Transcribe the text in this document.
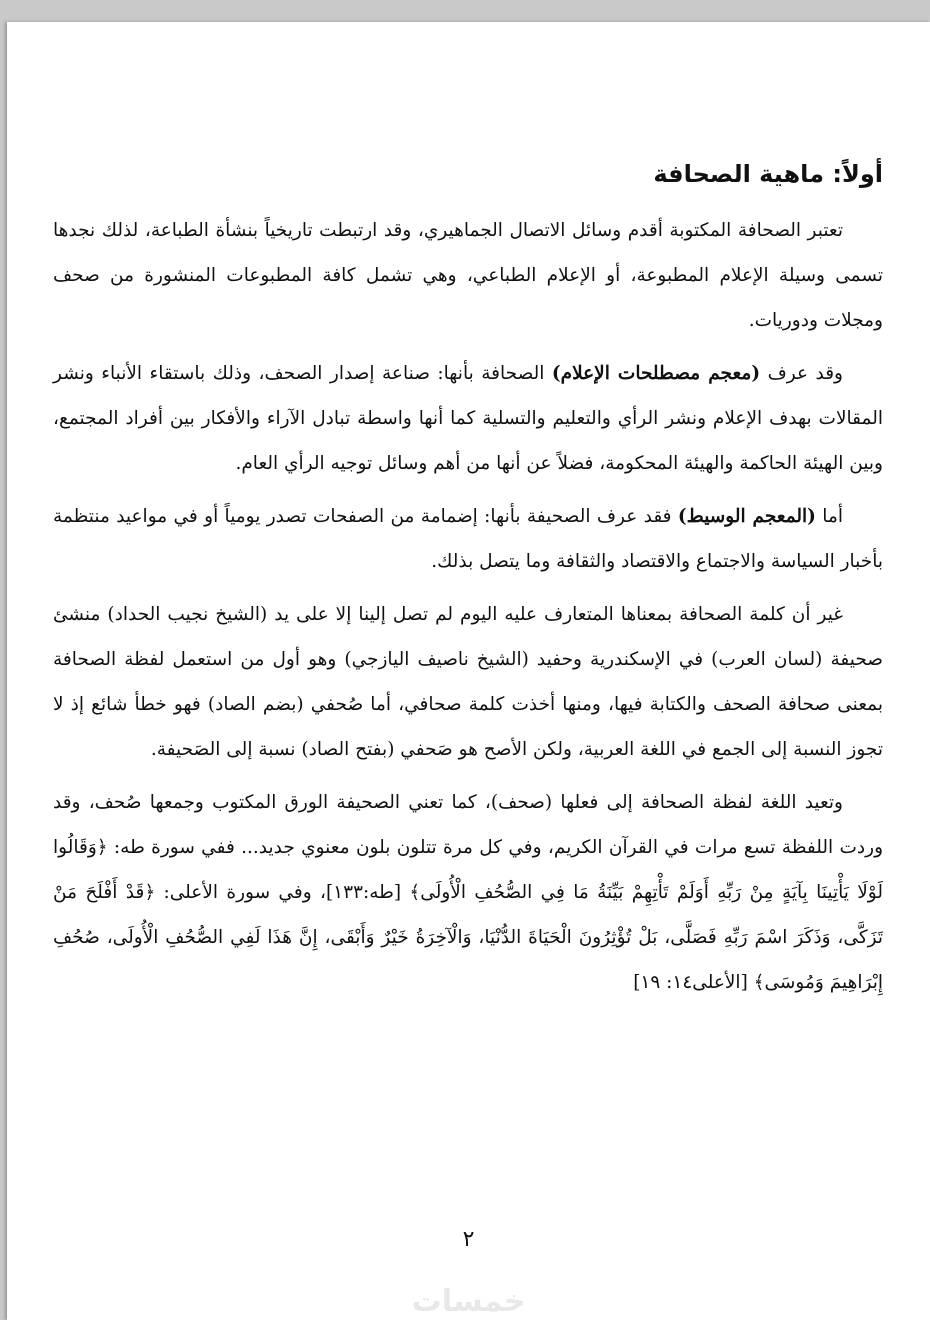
أولاً: ماهية الصحافة

تعتبر الصحافة المكتوبة أقدم وسائل الاتصال الجماهيري، وقد ارتبطت تاريخياً بنشأة الطباعة، لذلك نجدها تسمى وسيلة الإعلام المطبوعة، أو الإعلام الطباعي، وهي تشمل كافة المطبوعات المنشورة من صحف ومجلات ودوريات.

وقد عرف (معجم مصطلحات الإعلام) الصحافة بأنها: صناعة إصدار الصحف، وذلك باستقاء الأنباء ونشر المقالات بهدف الإعلام ونشر الرأي والتعليم والتسلية كما أنها واسطة تبادل الآراء والأفكار بين أفراد المجتمع، وبين الهيئة الحاكمة والهيئة المحكومة، فضلاً عن أنها من أهم وسائل توجيه الرأي العام.

أما (المعجم الوسيط) فقد عرف الصحيفة بأنها: إضمامة من الصفحات تصدر يومياً أو في مواعيد منتظمة بأخبار السياسة والاجتماع والاقتصاد والثقافة وما يتصل بذلك.

غير أن كلمة الصحافة بمعناها المتعارف عليه اليوم لم تصل إلينا إلا على يد (الشيخ نجيب الحداد) منشئ صحيفة (لسان العرب) في الإسكندرية وحفيد (الشيخ ناصيف اليازجي) وهو أول من استعمل لفظة الصحافة بمعنى صحافة الصحف والكتابة فيها، ومنها أخذت كلمة صحافي، أما صُحفي (بضم الصاد) فهو خطأ شائع إذ لا تجوز النسبة إلى الجمع في اللغة العربية، ولكن الأصح هو صَحفي (بفتح الصاد) نسبة إلى الصَحيفة.

وتعيد اللغة لفظة الصحافة إلى فعلها (صحف)، كما تعني الصحيفة الورق المكتوب وجمعها صُحف، وقد وردت اللفظة تسع مرات في القرآن الكريم، وفي كل مرة تتلون بلون معنوي جديد... ففي سورة طه: ﴿وَقَالُوا لَوْلَا يَأْتِينَا بِآيَةٍ مِنْ رَبِّهِ أَوَلَمْ تَأْتِهِمْ بَيِّنَةُ مَا فِي الصُّحُفِ الْأُولَى﴾ [طه:١٣٣]، وفي سورة الأعلى: ﴿قَدْ أَفْلَحَ مَنْ تَزَكَّى، وَذَكَرَ اسْمَ رَبِّهِ فَصَلَّى، بَلْ تُؤْثِرُونَ الْحَيَاةَ الدُّنْيَا، وَالْآخِرَةُ خَيْرٌ وَأَبْقَى، إِنَّ هَذَا لَفِي الصُّحُفِ الْأُولَى، صُحُفِ إِبْرَاهِيمَ وَمُوسَى﴾ [الأعلى١٤: ١٩]

٢
خمسات
